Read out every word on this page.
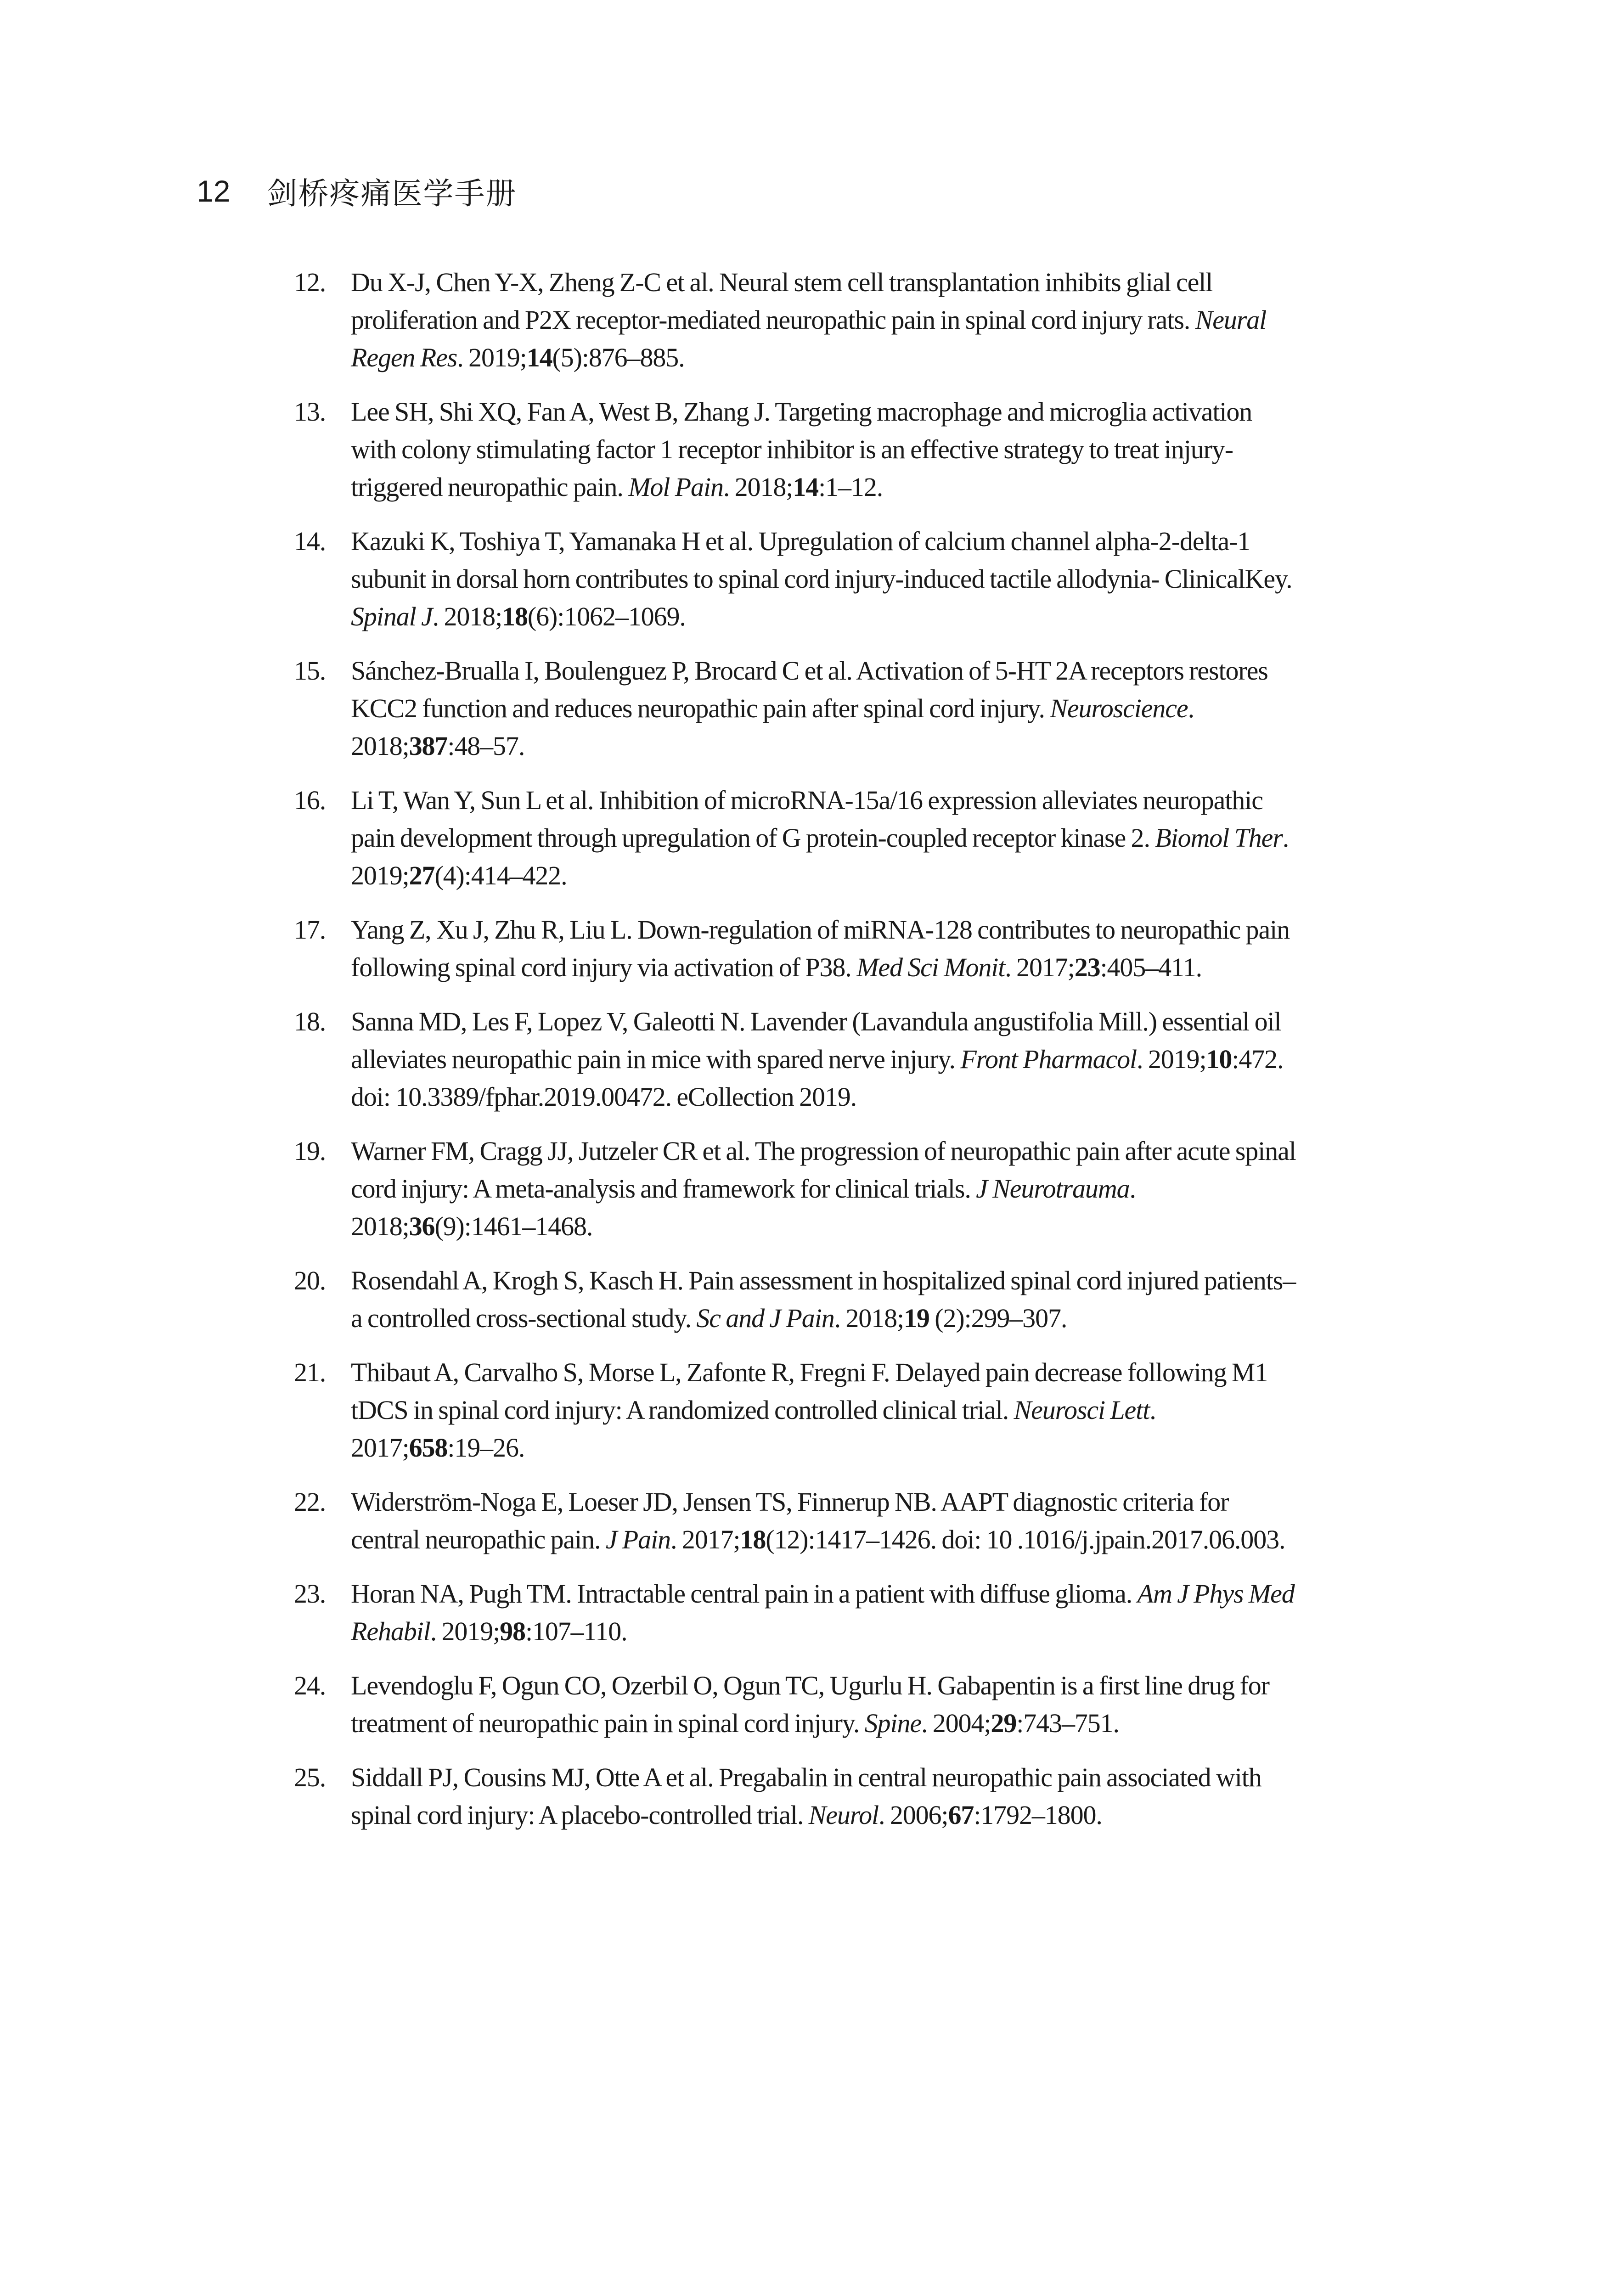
12 剑桥疼痛医学手册
12. Du X-J, Chen Y-X, Zheng Z-C et al. Neural stem cell transplantation inhibits glial cell proliferation and P2X receptor-mediated neuropathic pain in spinal cord injury rats. Neural Regen Res. 2019;14(5):876–885.
13. Lee SH, Shi XQ, Fan A, West B, Zhang J. Targeting macrophage and microglia activation with colony stimulating factor 1 receptor inhibitor is an effective strategy to treat injury-triggered neuropathic pain. Mol Pain. 2018;14:1–12.
14. Kazuki K, Toshiya T, Yamanaka H et al. Upregulation of calcium channel alpha-2-delta-1 subunit in dorsal horn contributes to spinal cord injury-induced tactile allodynia- ClinicalKey. Spinal J. 2018;18(6):1062–1069.
15. Sánchez-Brualla I, Boulenguez P, Brocard C et al. Activation of 5-HT 2A receptors restores KCC2 function and reduces neuropathic pain after spinal cord injury. Neuroscience. 2018;387:48–57.
16. Li T, Wan Y, Sun L et al. Inhibition of microRNA-15a/16 expression alleviates neuropathic pain development through upregulation of G protein-coupled receptor kinase 2. Biomol Ther. 2019;27(4):414–422.
17. Yang Z, Xu J, Zhu R, Liu L. Down-regulation of miRNA-128 contributes to neuropathic pain following spinal cord injury via activation of P38. Med Sci Monit. 2017;23:405–411.
18. Sanna MD, Les F, Lopez V, Galeotti N. Lavender (Lavandula angustifolia Mill.) essential oil alleviates neuropathic pain in mice with spared nerve injury. Front Pharmacol. 2019;10:472. doi: 10.3389/fphar.2019.00472. eCollection 2019.
19. Warner FM, Cragg JJ, Jutzeler CR et al. The progression of neuropathic pain after acute spinal cord injury: A meta-analysis and framework for clinical trials. J Neurotrauma. 2018;36(9):1461–1468.
20. Rosendahl A, Krogh S, Kasch H. Pain assessment in hospitalized spinal cord injured patients–a controlled cross-sectional study. Sc and J Pain. 2018;19 (2):299–307.
21. Thibaut A, Carvalho S, Morse L, Zafonte R, Fregni F. Delayed pain decrease following M1 tDCS in spinal cord injury: A randomized controlled clinical trial. Neurosci Lett. 2017;658:19–26.
22. Widerström-Noga E, Loeser JD, Jensen TS, Finnerup NB. AAPT diagnostic criteria for central neuropathic pain. J Pain. 2017;18(12):1417–1426. doi: 10 .1016/j.jpain.2017.06.003.
23. Horan NA, Pugh TM. Intractable central pain in a patient with diffuse glioma. Am J Phys Med Rehabil. 2019;98:107–110.
24. Levendoglu F, Ogun CO, Ozerbil O, Ogun TC, Ugurlu H. Gabapentin is a first line drug for treatment of neuropathic pain in spinal cord injury. Spine. 2004;29:743–751.
25. Siddall PJ, Cousins MJ, Otte A et al. Pregabalin in central neuropathic pain associated with spinal cord injury: A placebo-controlled trial. Neurol. 2006;67:1792–1800.
